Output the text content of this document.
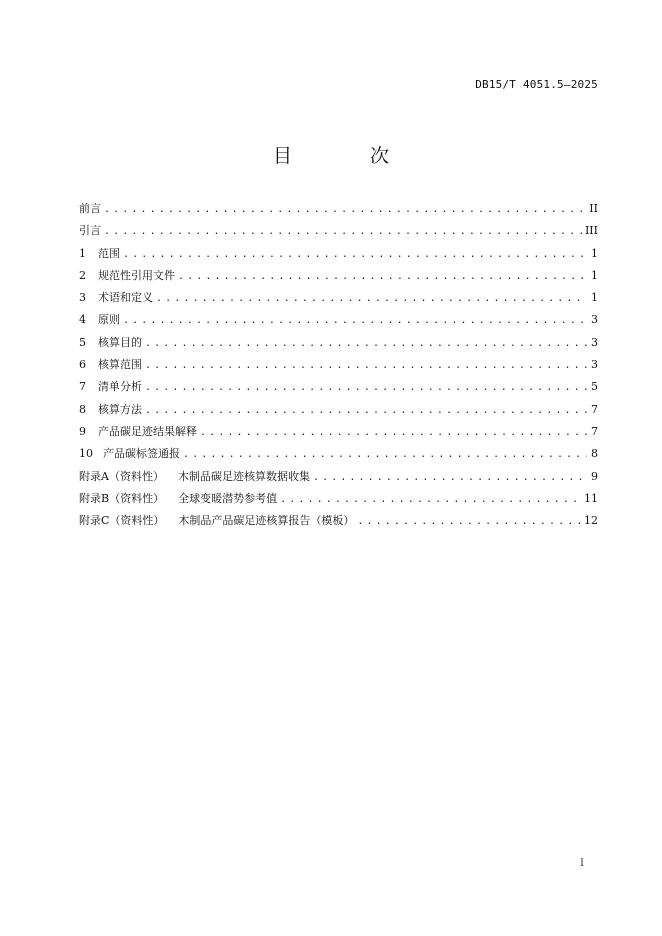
DB15/T 4051.5—2025
目 次
前言 .....	II
引言 .....	III
1	范围 .....	1
2	规范性引用文件 .....	1
3	术语和定义 .....	1
4	原则 .....	3
5	核算目的 .....	3
6	核算范围 .....	3
7	清单分析 .....	5
8	核算方法 .....	7
9	产品碳足迹结果解释 .....	7
10 产品碳标签通报 .....	8
附录A（资料性） 木制品碳足迹核算数据收集 .....	9
附录B（资料性） 全球变暖潜势参考值 .....	11
附录C（资料性） 木制品产品碳足迹核算报告（模板） .....	12
I
